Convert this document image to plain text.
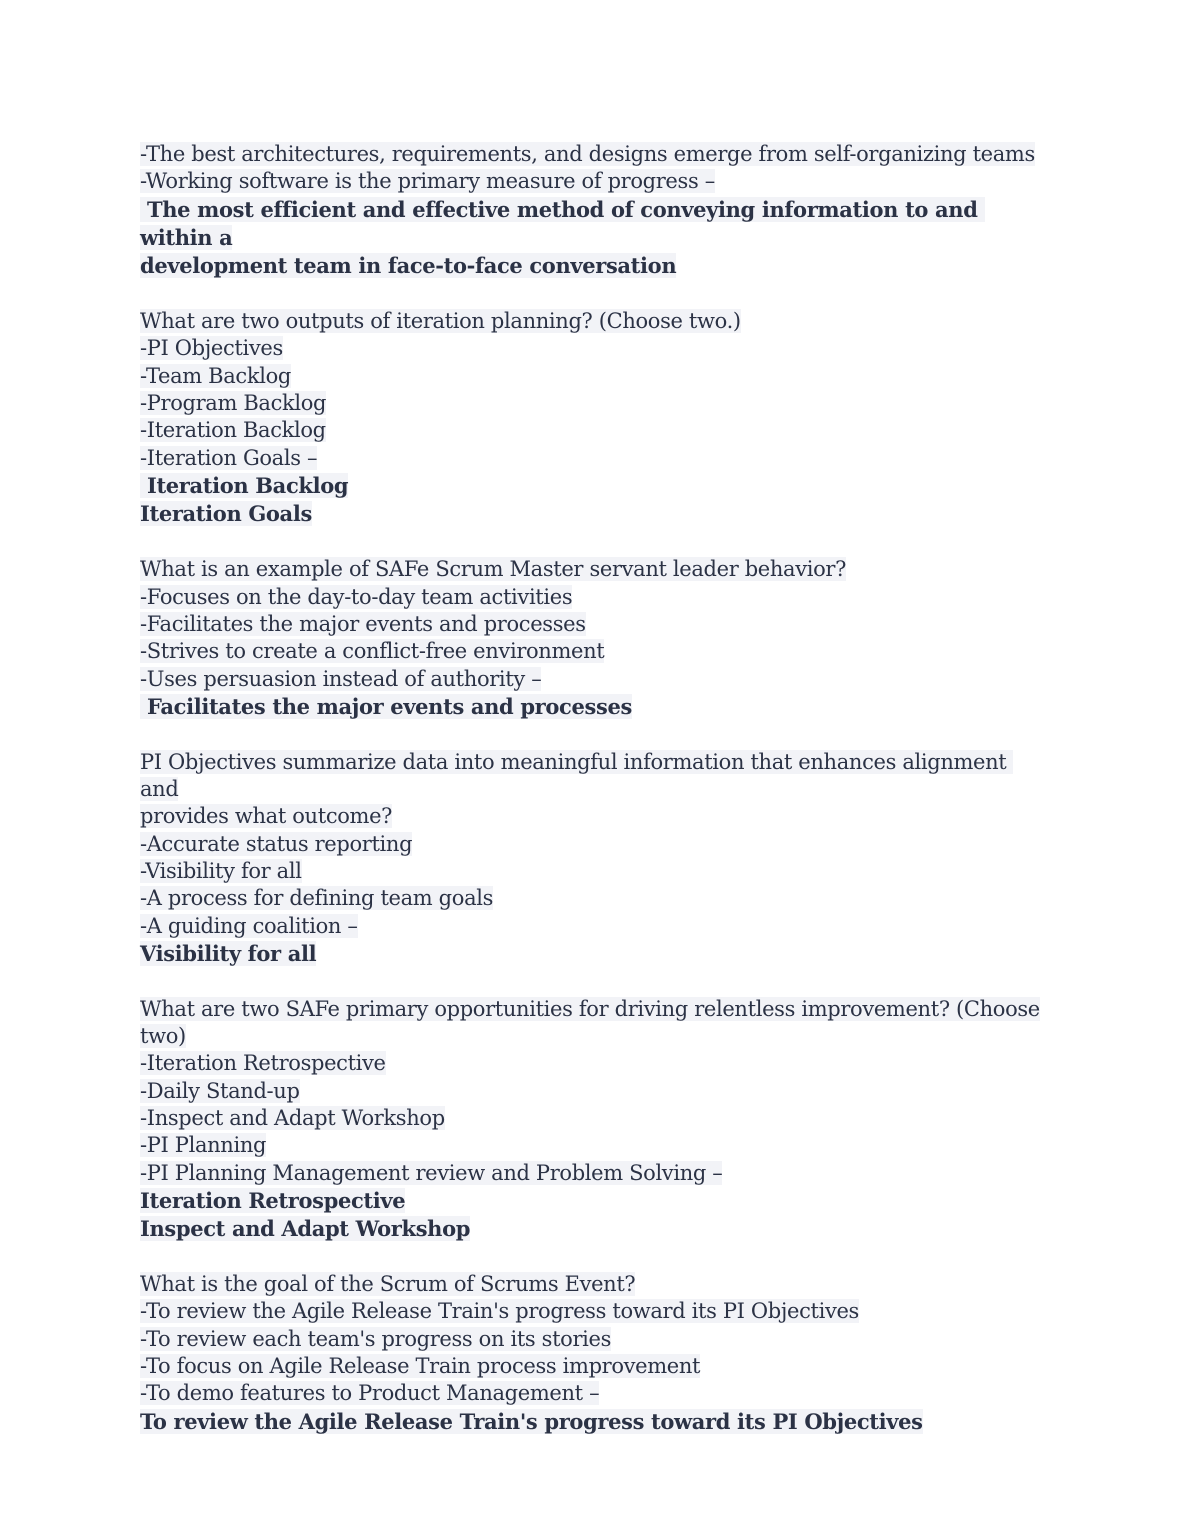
-The best architectures, requirements, and designs emerge from self-organizing teams
-Working software is the primary measure of progress –
The most efficient and effective method of conveying information to and within a
development team in face-to-face conversation
What are two outputs of iteration planning? (Choose two.)
-PI Objectives
-Team Backlog
-Program Backlog
-Iteration Backlog
-Iteration Goals –
Iteration Backlog
Iteration Goals
What is an example of SAFe Scrum Master servant leader behavior?
-Focuses on the day-to-day team activities
-Facilitates the major events and processes
-Strives to create a conflict-free environment
-Uses persuasion instead of authority –
Facilitates the major events and processes
PI Objectives summarize data into meaningful information that enhances alignment and
provides what outcome?
-Accurate status reporting
-Visibility for all
-A process for defining team goals
-A guiding coalition –
Visibility for all
What are two SAFe primary opportunities for driving relentless improvement? (Choose
two)
-Iteration Retrospective
-Daily Stand-up
-Inspect and Adapt Workshop
-PI Planning
-PI Planning Management review and Problem Solving –
Iteration Retrospective
Inspect and Adapt Workshop
What is the goal of the Scrum of Scrums Event?
-To review the Agile Release Train's progress toward its PI Objectives
-To review each team's progress on its stories
-To focus on Agile Release Train process improvement
-To demo features to Product Management –
To review the Agile Release Train's progress toward its PI Objectives
